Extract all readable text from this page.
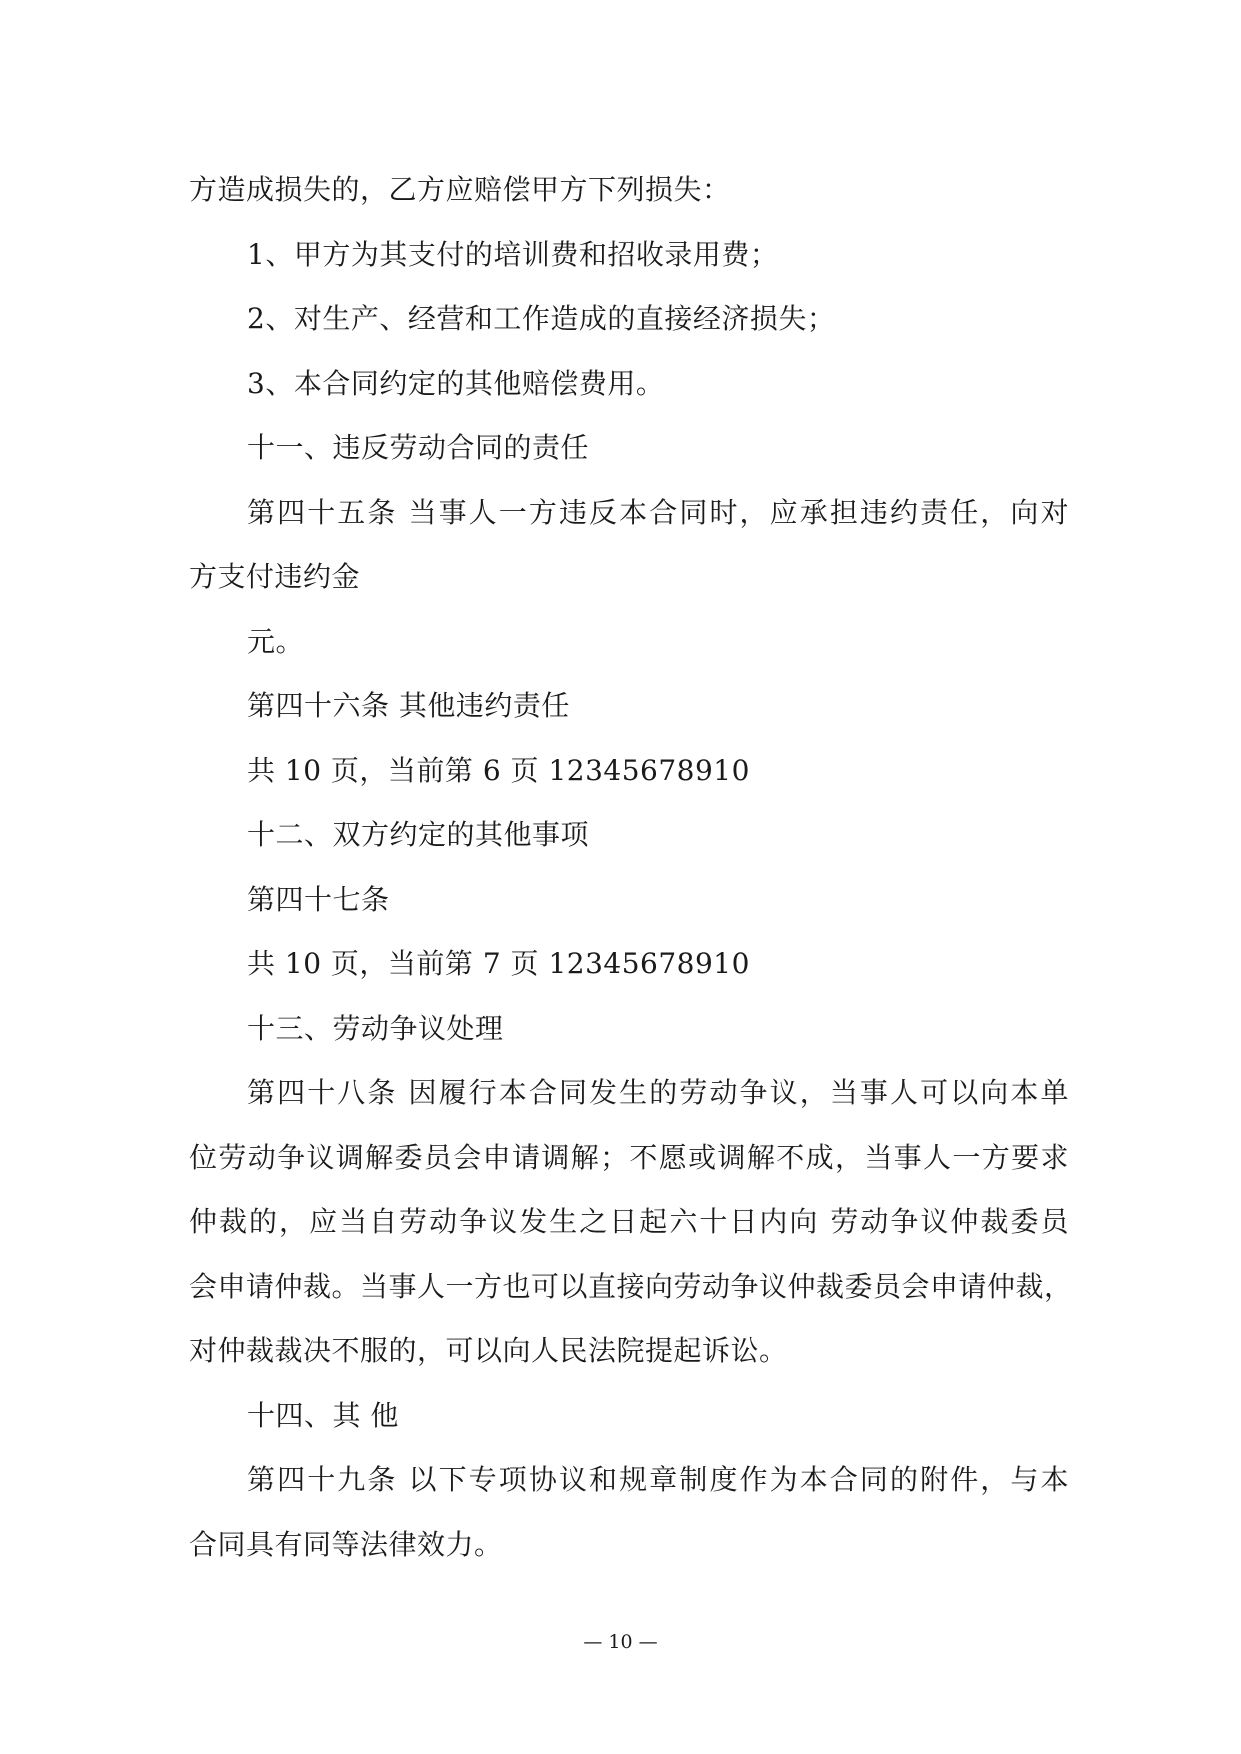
方造成损失的，乙方应赔偿甲方下列损失：
1、甲方为其支付的培训费和招收录用费；
2、对生产、经营和工作造成的直接经济损失；
3、本合同约定的其他赔偿费用。
十一、违反劳动合同的责任
第四十五条 当事人一方违反本合同时，应承担违约责任，向对
方支付违约金
元。
第四十六条 其他违约责任
共 10 页，当前第 6 页 12345678910
十二、双方约定的其他事项
第四十七条
共 10 页，当前第 7 页 12345678910
十三、劳动争议处理
第四十八条 因履行本合同发生的劳动争议，当事人可以向本单
位劳动争议调解委员会申请调解；不愿或调解不成，当事人一方要求
仲裁的，应当自劳动争议发生之日起六十日内向 劳动争议仲裁委员
会申请仲裁。当事人一方也可以直接向劳动争议仲裁委员会申请仲裁，
对仲裁裁决不服的，可以向人民法院提起诉讼。
十四、其 他
第四十九条 以下专项协议和规章制度作为本合同的附件，与本
合同具有同等法律效力。
— 10 —
